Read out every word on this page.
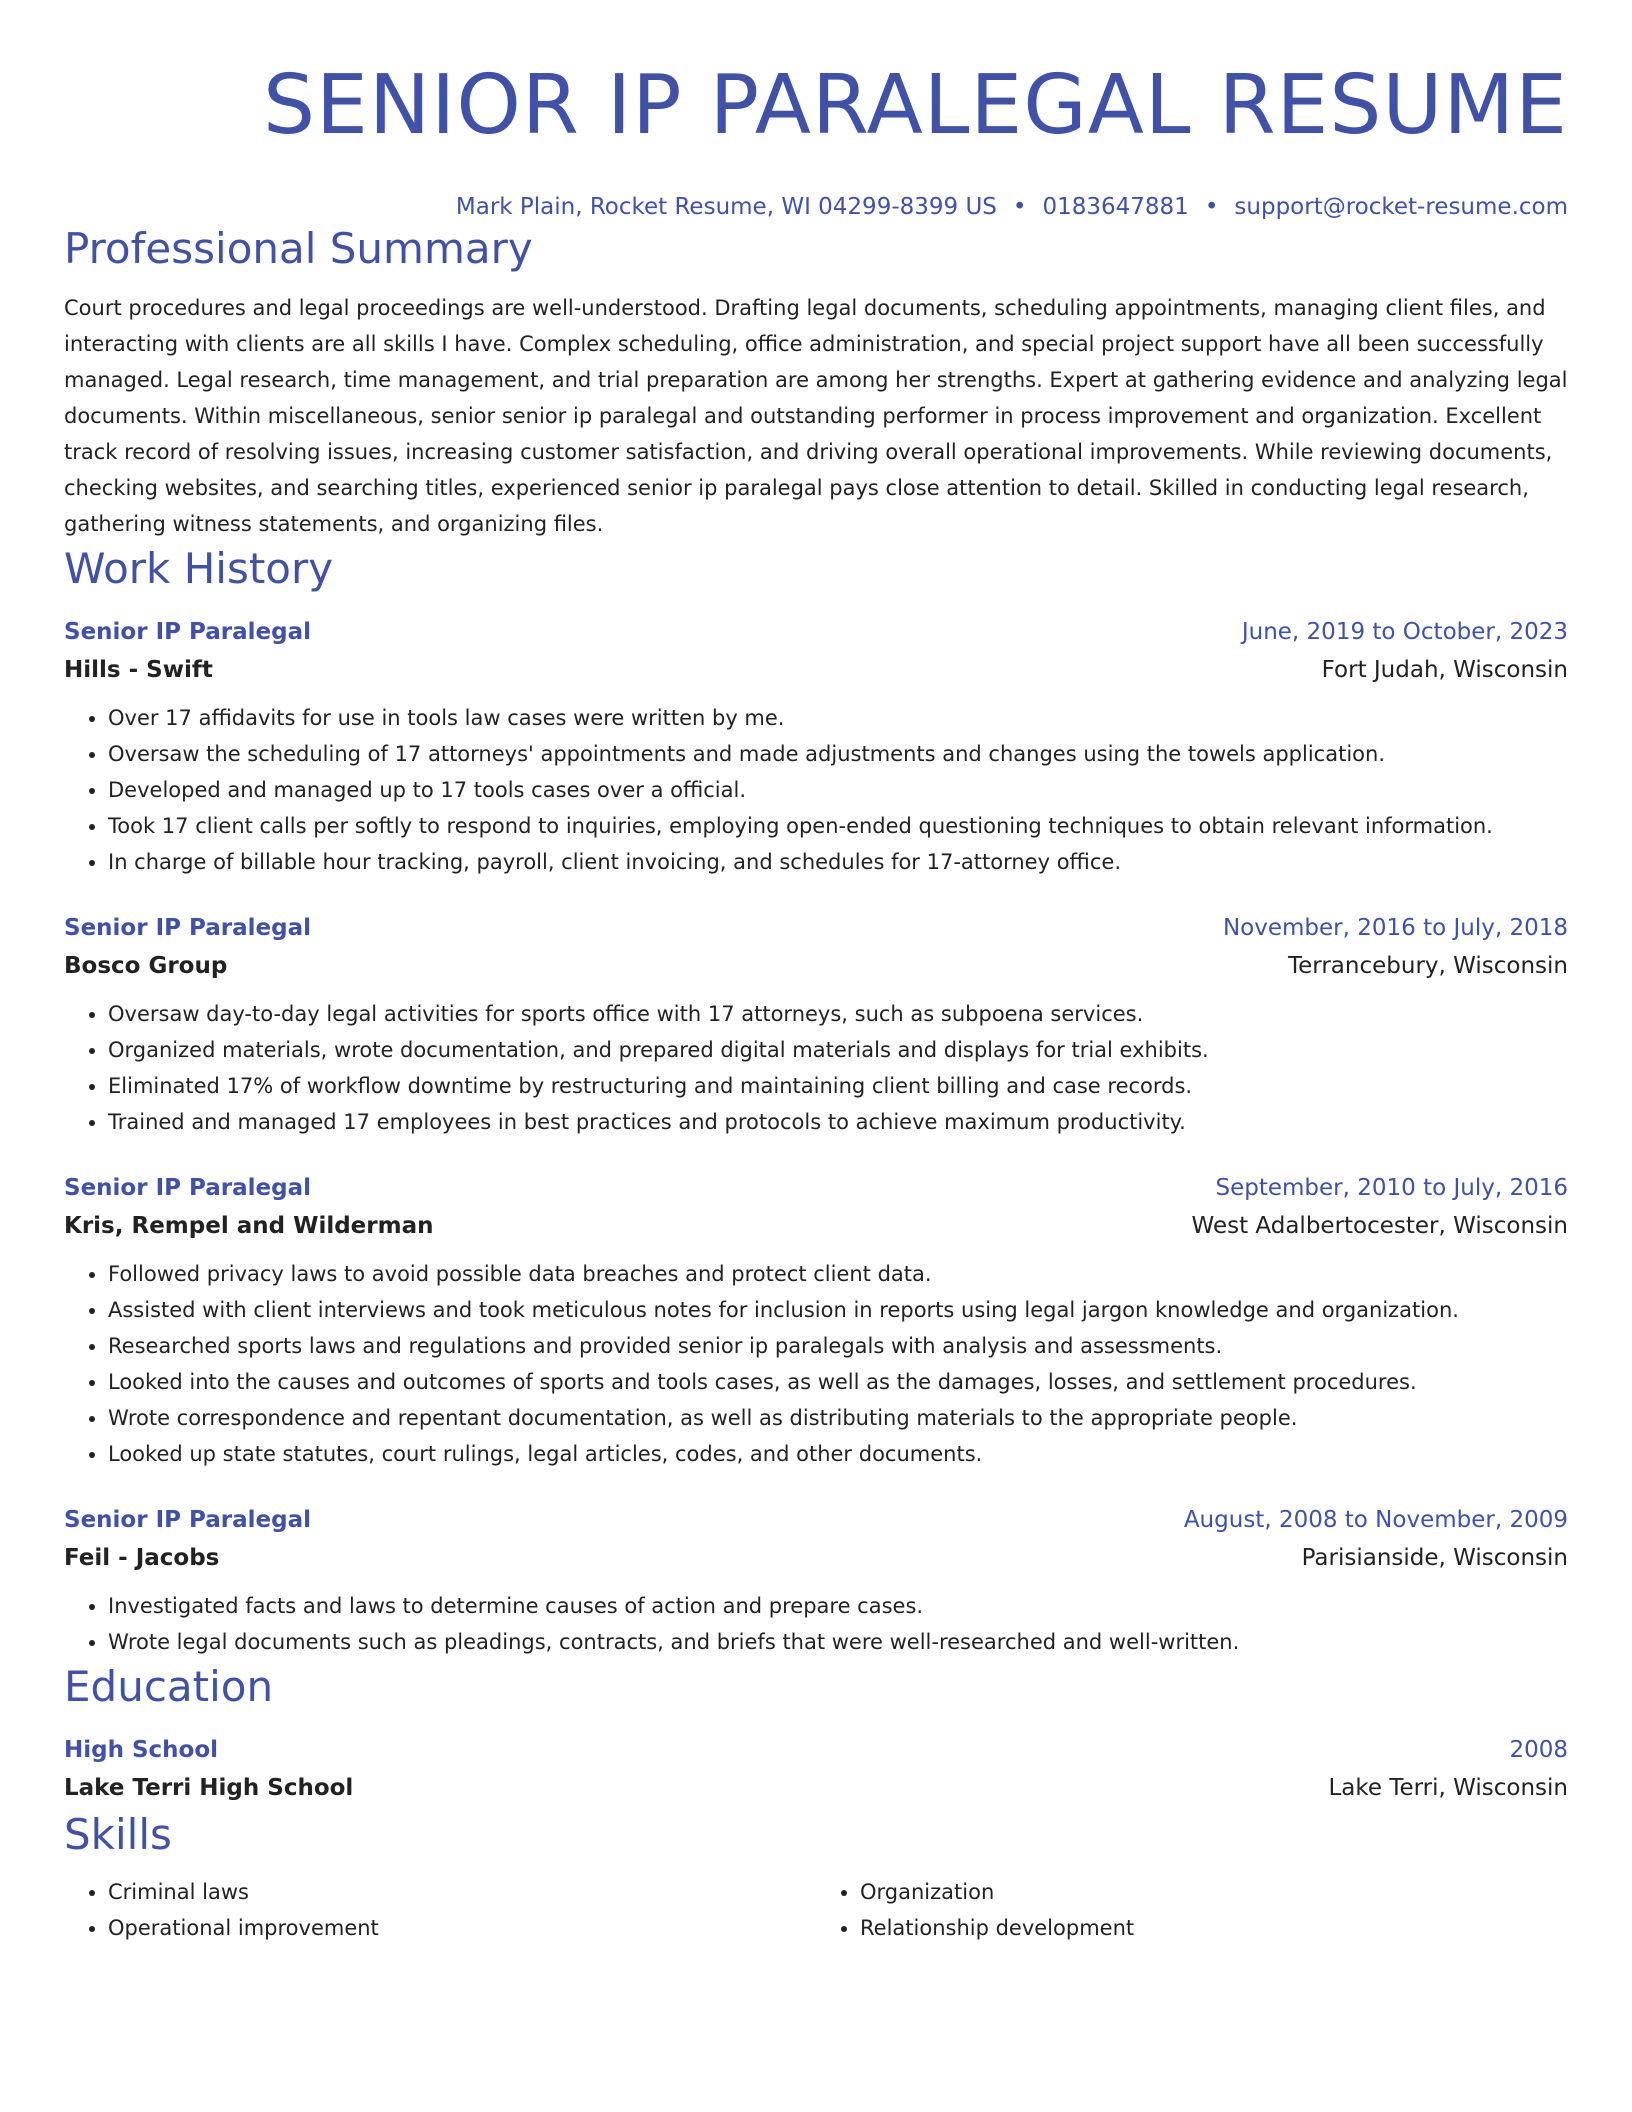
SENIOR IP PARALEGAL RESUME
Mark Plain, Rocket Resume, WI 04299-8399 US • 0183647881 • support@rocket-resume.com
Professional Summary
Court procedures and legal proceedings are well-understood. Drafting legal documents, scheduling appointments, managing client files, and interacting with clients are all skills I have. Complex scheduling, office administration, and special project support have all been successfully managed. Legal research, time management, and trial preparation are among her strengths. Expert at gathering evidence and analyzing legal documents. Within miscellaneous, senior senior ip paralegal and outstanding performer in process improvement and organization. Excellent track record of resolving issues, increasing customer satisfaction, and driving overall operational improvements. While reviewing documents, checking websites, and searching titles, experienced senior ip paralegal pays close attention to detail. Skilled in conducting legal research, gathering witness statements, and organizing files.
Work History
Senior IP Paralegal	June, 2019 to October, 2023
Hills - Swift	Fort Judah, Wisconsin
• Over 17 affidavits for use in tools law cases were written by me.
• Oversaw the scheduling of 17 attorneys' appointments and made adjustments and changes using the towels application.
• Developed and managed up to 17 tools cases over a official.
• Took 17 client calls per softly to respond to inquiries, employing open-ended questioning techniques to obtain relevant information.
• In charge of billable hour tracking, payroll, client invoicing, and schedules for 17-attorney office.
Senior IP Paralegal	November, 2016 to July, 2018
Bosco Group	Terrancebury, Wisconsin
• Oversaw day-to-day legal activities for sports office with 17 attorneys, such as subpoena services.
• Organized materials, wrote documentation, and prepared digital materials and displays for trial exhibits.
• Eliminated 17% of workflow downtime by restructuring and maintaining client billing and case records.
• Trained and managed 17 employees in best practices and protocols to achieve maximum productivity.
Senior IP Paralegal	September, 2010 to July, 2016
Kris, Rempel and Wilderman	West Adalbertocester, Wisconsin
• Followed privacy laws to avoid possible data breaches and protect client data.
• Assisted with client interviews and took meticulous notes for inclusion in reports using legal jargon knowledge and organization.
• Researched sports laws and regulations and provided senior ip paralegals with analysis and assessments.
• Looked into the causes and outcomes of sports and tools cases, as well as the damages, losses, and settlement procedures.
• Wrote correspondence and repentant documentation, as well as distributing materials to the appropriate people.
• Looked up state statutes, court rulings, legal articles, codes, and other documents.
Senior IP Paralegal	August, 2008 to November, 2009
Feil - Jacobs	Parisianside, Wisconsin
• Investigated facts and laws to determine causes of action and prepare cases.
• Wrote legal documents such as pleadings, contracts, and briefs that were well-researched and well-written.
Education
High School	2008
Lake Terri High School	Lake Terri, Wisconsin
Skills
• Criminal laws
• Operational improvement
• Organization
• Relationship development
